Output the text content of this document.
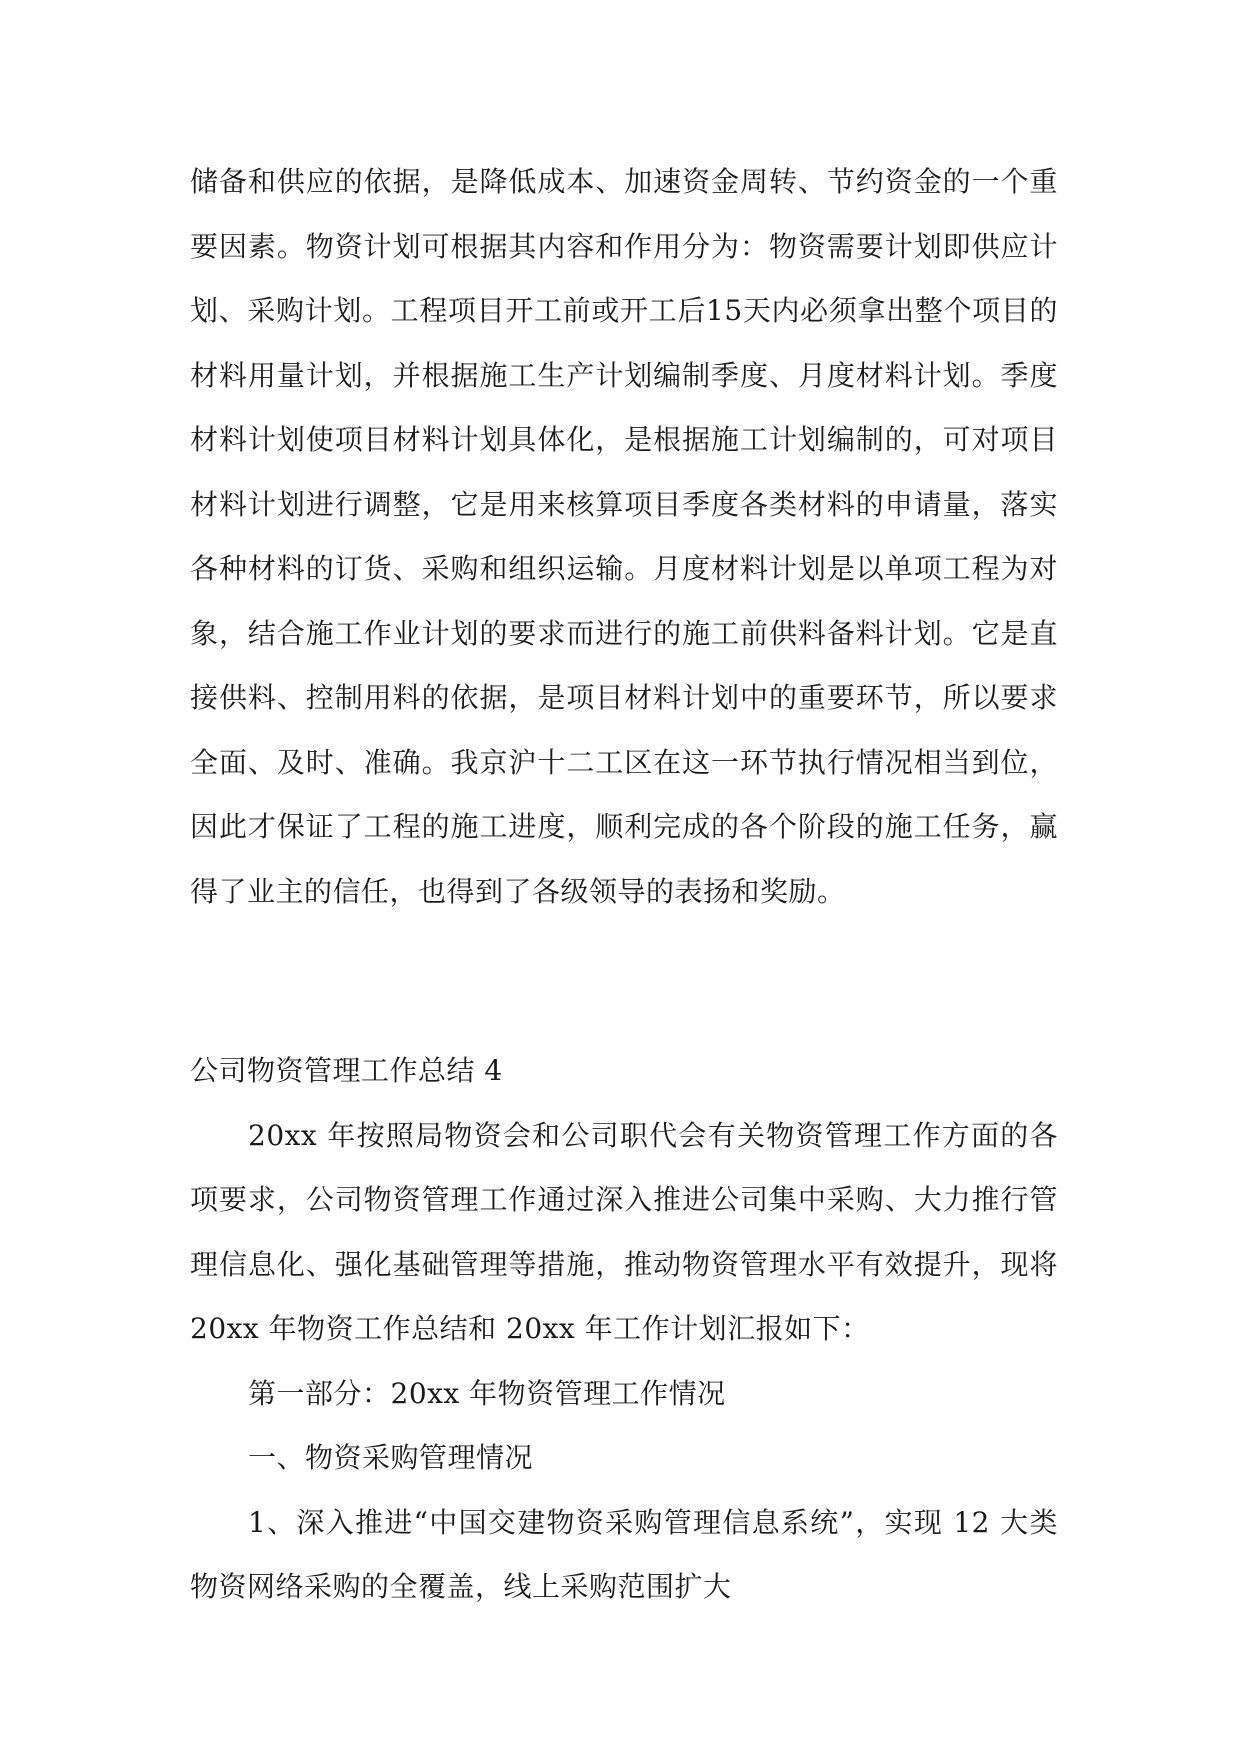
储备和供应的依据，是降低成本、加速资金周转、节约资金的一个重要因素。物资计划可根据其内容和作用分为：物资需要计划即供应计划、采购计划。工程项目开工前或开工后15天内必须拿出整个项目的材料用量计划，并根据施工生产计划编制季度、月度材料计划。季度材料计划使项目材料计划具体化，是根据施工计划编制的，可对项目材料计划进行调整，它是用来核算项目季度各类材料的申请量，落实各种材料的订货、采购和组织运输。月度材料计划是以单项工程为对象，结合施工作业计划的要求而进行的施工前供料备料计划。它是直接供料、控制用料的依据，是项目材料计划中的重要环节，所以要求全面、及时、准确。我京沪十二工区在这一环节执行情况相当到位，因此才保证了工程的施工进度，顺利完成的各个阶段的施工任务，赢得了业主的信任，也得到了各级领导的表扬和奖励。

公司物资管理工作总结 4

20xx 年按照局物资会和公司职代会有关物资管理工作方面的各项要求，公司物资管理工作通过深入推进公司集中采购、大力推行管理信息化、强化基础管理等措施，推动物资管理水平有效提升，现将 20xx 年物资工作总结和 20xx 年工作计划汇报如下：

第一部分：20xx 年物资管理工作情况

一、物资采购管理情况

1、深入推进“中国交建物资采购管理信息系统”，实现 12 大类物资网络采购的全覆盖，线上采购范围扩大
